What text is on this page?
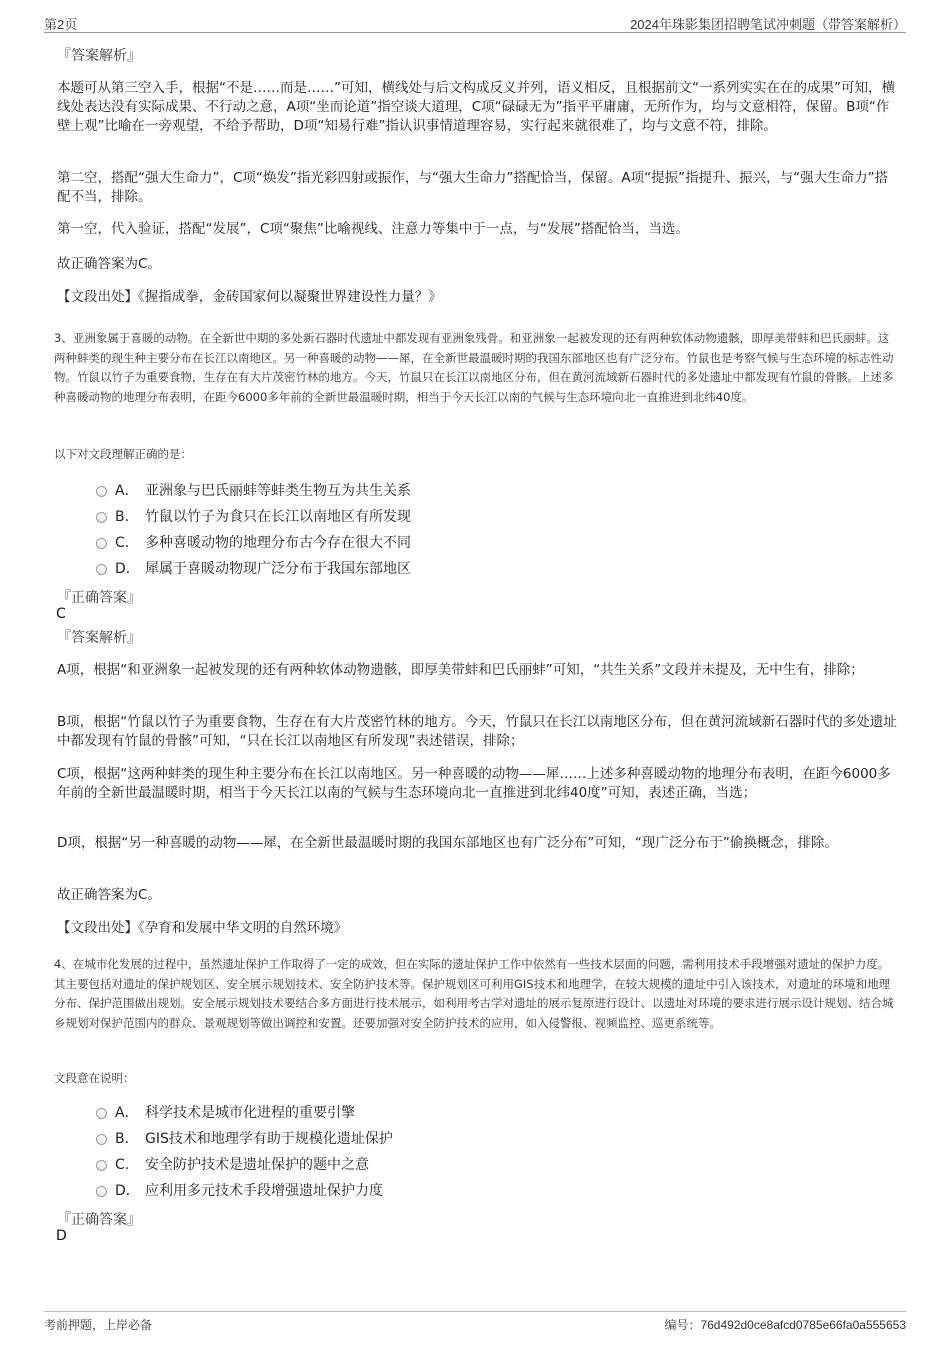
第2页	2024年珠影集团招聘笔试冲刺题（带答案解析）
『答案解析』
本题可从第三空入手，根据“不是……而是……”可知，横线处与后文构成反义并列，语义相反，且根据前文“一系列实实在在的成果”可知，横线处表达没有实际成果、不行动之意，A项“坐而论道”指空谈大道理，C项“碌碌无为”指平平庸庸，无所作为，均与文意相符，保留。B项“作壁上观”比喻在一旁观望，不给予帮助，D项“知易行难”指认识事情道理容易，实行起来就很难了，均与文意不符，排除。
第二空，搭配“强大生命力”，C项“焕发”指光彩四射或振作，与“强大生命力”搭配恰当，保留。A项“提振”指提升、振兴，与“强大生命力”搭配不当，排除。
第一空，代入验证，搭配“发展”，C项“聚焦”比喻视线、注意力等集中于一点，与“发展”搭配恰当，当选。
故正确答案为C。
【文段出处】《握指成拳，金砖国家何以凝聚世界建设性力量？》
3、亚洲象属于喜暖的动物。在全新世中期的多处新石器时代遗址中都发现有亚洲象残骨。和亚洲象一起被发现的还有两种软体动物遗骸，即厚美带蚌和巴氏丽蚌。这两种蚌类的现生种主要分布在长江以南地区。另一种喜暖的动物——犀，在全新世最温暖时期的我国东部地区也有广泛分布。竹鼠也是考察气候与生态环境的标志性动物。竹鼠以竹子为重要食物，生存在有大片茂密竹林的地方。今天，竹鼠只在长江以南地区分布，但在黄河流域新石器时代的多处遗址中都发现有竹鼠的骨骸。上述多种喜暖动物的地理分布表明，在距今6000多年前的全新世最温暖时期，相当于今天长江以南的气候与生态环境向北一直推进到北纬40度。
以下对文段理解正确的是：
A． 亚洲象与巴氏丽蚌等蚌类生物互为共生关系
B． 竹鼠以竹子为食只在长江以南地区有所发现
C． 多种喜暖动物的地理分布古今存在很大不同
D． 犀属于喜暖动物现广泛分布于我国东部地区
『正确答案』
C
『答案解析』
A项，根据“和亚洲象一起被发现的还有两种软体动物遗骸，即厚美带蚌和巴氏丽蚌”可知，“共生关系”文段并未提及，无中生有，排除；
B项，根据“竹鼠以竹子为重要食物，生存在有大片茂密竹林的地方。今天，竹鼠只在长江以南地区分布，但在黄河流域新石器时代的多处遗址中都发现有竹鼠的骨骸”可知，“只在长江以南地区有所发现”表述错误，排除；
C项，根据“这两种蚌类的现生种主要分布在长江以南地区。另一种喜暖的动物——犀……上述多种喜暖动物的地理分布表明，在距今6000多年前的全新世最温暖时期，相当于今天长江以南的气候与生态环境向北一直推进到北纬40度”可知，表述正确，当选；
D项，根据“另一种喜暖的动物——犀，在全新世最温暖时期的我国东部地区也有广泛分布”可知，“现广泛分布于”偷换概念，排除。
故正确答案为C。
【文段出处】《孕育和发展中华文明的自然环境》
4、在城市化发展的过程中，虽然遗址保护工作取得了一定的成效，但在实际的遗址保护工作中依然有一些技术层面的问题，需利用技术手段增强对遗址的保护力度。其主要包括对遗址的保护规划区、安全展示规划技术、安全防护技术等。保护规划区可利用GIS技术和地理学，在较大规模的遗址中引入该技术，对遗址的环境和地理分布、保护范围做出规划。安全展示规划技术要结合多方面进行技术展示，如利用考古学对遗址的展示复原进行设计、以遗址对环境的要求进行展示设计规划、结合城乡规划对保护范围内的群众、景观规划等做出调控和安置。还要加强对安全防护技术的应用，如入侵警报、视频监控、巡更系统等。
文段意在说明：
A． 科学技术是城市化进程的重要引擎
B． GIS技术和地理学有助于规模化遗址保护
C． 安全防护技术是遗址保护的题中之意
D． 应利用多元技术手段增强遗址保护力度
『正确答案』
D
考前押题，上岸必备	编号：76d492d0ce8afcd0785e66fa0a555653
